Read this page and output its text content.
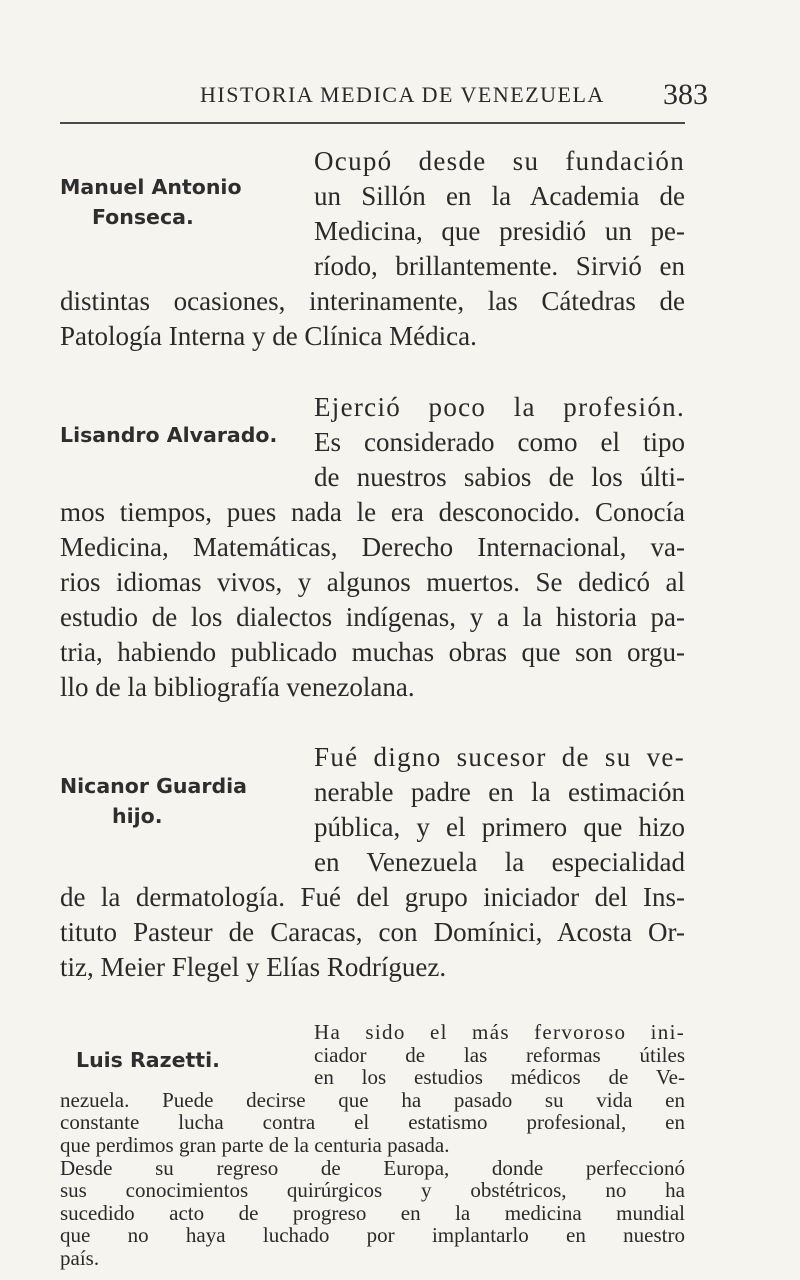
HISTORIA MEDICA DE VENEZUELA 383
Manuel Antonio
Fonseca.
Ocupó desde su fundación
un Sillón en la Academia de
Medicina, que presidió un pe-
ríodo, brillantemente. Sirvió en
distintas ocasiones, interinamente, las Cátedras de
Patología Interna y de Clínica Médica.
Lisandro Alvarado.
Ejerció poco la profesión.
Es considerado como el tipo
de nuestros sabios de los últi-
mos tiempos, pues nada le era desconocido. Conocía
Medicina, Matemáticas, Derecho Internacional, va-
rios idiomas vivos, y algunos muertos. Se dedicó al
estudio de los dialectos indígenas, y a la historia pa-
tria, habiendo publicado muchas obras que son orgu-
llo de la bibliografía venezolana.
Nicanor Guardia
hijo.
Fué digno sucesor de su ve-
nerable padre en la estimación
pública, y el primero que hizo
en Venezuela la especialidad
de la dermatología. Fué del grupo iniciador del Ins-
tituto Pasteur de Caracas, con Domínici, Acosta Or-
tiz, Meier Flegel y Elías Rodríguez.
Luis Razetti.
Ha sido el más fervoroso ini-
ciador de las reformas útiles
en los estudios médicos de Ve-
nezuela. Puede decirse que ha pasado su vida en
constante lucha contra el estatismo profesional, en
que perdimos gran parte de la centuria pasada.
Desde su regreso de Europa, donde perfeccionó
sus conocimientos quirúrgicos y obstétricos, no ha
sucedido acto de progreso en la medicina mundial
que no haya luchado por implantarlo en nuestro
país.
